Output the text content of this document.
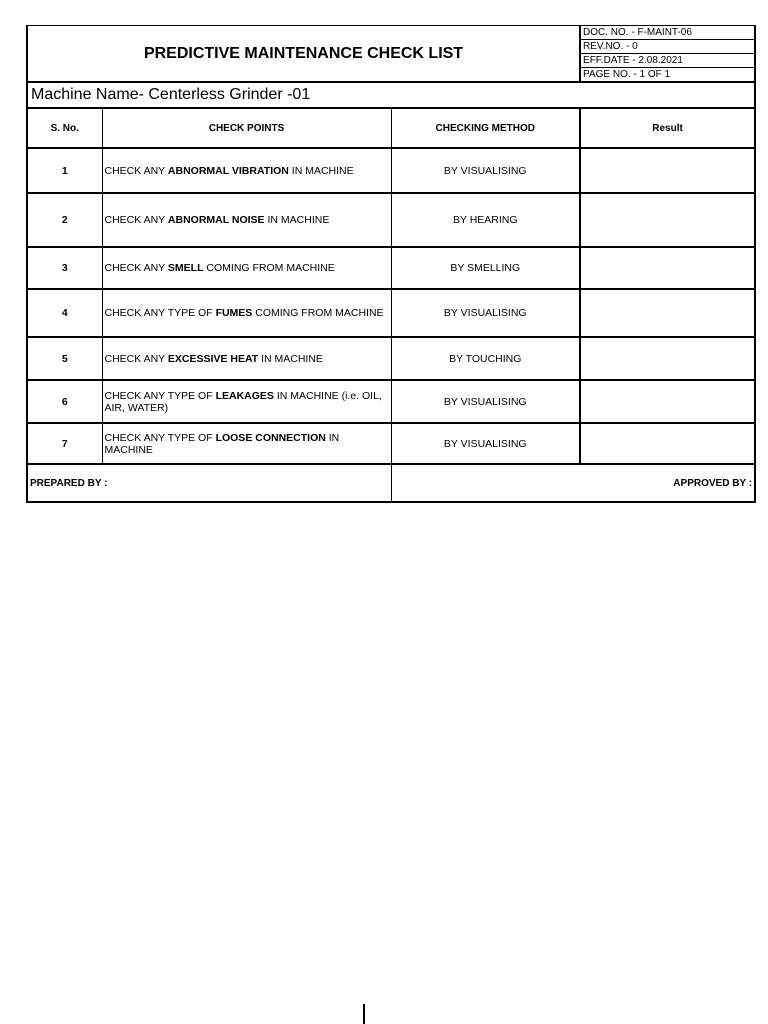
PREDICTIVE MAINTENANCE CHECK LIST	
DOC. NO. - F-MAINT-06
REV.NO. - 0
EFF.DATE - 2.08.2021
PAGE NO. - 1 OF 1

Machine Name- Centerless Grinder -01
S. No.	CHECK POINTS	CHECKING METHOD	Result
1	CHECK ANY ABNORMAL VIBRATION IN MACHINE	BY VISUALISING	
2	CHECK ANY ABNORMAL NOISE IN MACHINE	BY HEARING	
3	CHECK ANY SMELL COMING FROM MACHINE	BY SMELLING	
4	CHECK ANY TYPE OF FUMES COMING FROM MACHINE	BY VISUALISING	
5	CHECK ANY EXCESSIVE HEAT IN MACHINE	BY TOUCHING	
6	CHECK ANY TYPE OF LEAKAGES IN MACHINE (i.e. OIL, AIR, WATER)	BY VISUALISING	
7	CHECK ANY TYPE OF LOOSE CONNECTION IN MACHINE	BY VISUALISING	
PREPARED BY :	APPROVED BY :
